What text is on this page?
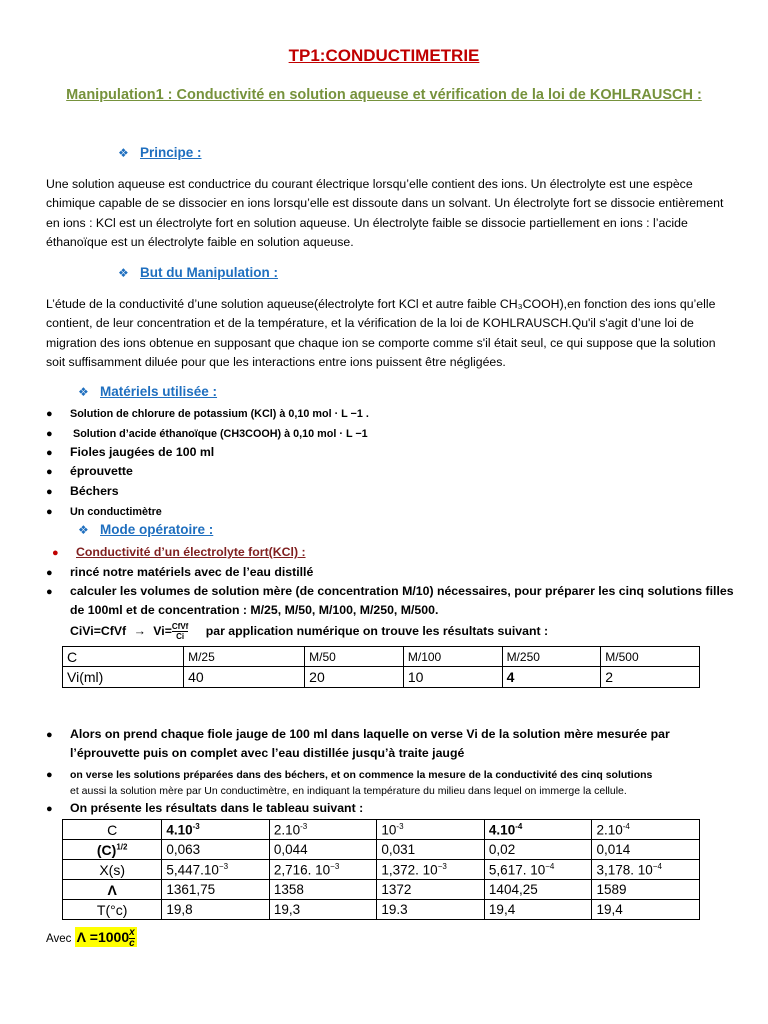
TP1:CONDUCTIMETRIE
Manipulation1 : Conductivité en solution aqueuse et vérification de la loi de KOHLRAUSCH :
❖ Principe :

Une solution aqueuse est conductrice du courant électrique lorsqu’elle contient des ions. Un électrolyte est une espèce chimique capable de se dissocier en ions lorsqu’elle est dissoute dans un solvant. Un électrolyte fort se dissocie entièrement en ions : KCl est un électrolyte fort en solution aqueuse. Un électrolyte faible se dissocie partiellement en ions : l’acide éthanoïque est un électrolyte faible en solution aqueuse.

❖ But du Manipulation :

L’étude de la conductivité d’une solution aqueuse(électrolyte fort KCl et autre faible CH₃COOH),en fonction des ions qu’elle contient, de leur concentration et de la température, et la vérification de la loi de KOHLRAUSCH.Qu'il s'agit d’une loi de migration des ions obtenue en supposant que chaque ion se comporte comme s'il était seul, ce qui suppose que la solution soit suffisamment diluée pour que les interactions entre ions puissent être négligées.

❖ Matériels utilisée :
● Solution de chlorure de potassium (KCl) à 0,10 mol · L −1 .
● Solution d’acide éthanoïque (CH3COOH) à 0,10 mol · L −1
● Fioles jaugées de 100 ml
● éprouvette
● Béchers
● Un conductimètre
❖ Mode opératoire :
● Conductivité d’un électrolyte fort(KCl) :
● rincé notre matériels avec de l’eau distillé
● calculer les volumes de solution mère (de concentration M/10) nécessaires, pour préparer les cinq solutions filles
de 100ml et de concentration : M/25, M/50, M/100, M/250, M/500.
CiVi=CfVf → Vi= CfVf
Ci	par application numérique on trouve les résultats suivant :
C	M/25	M/50	M/100	M/250	M/500
Vi(ml)	40	20	10	4	2
● Alors on prend chaque fiole jauge de 100 ml dans laquelle on verse Vi de la solution mère mesurée par
l’éprouvette puis on complet avec l’eau distillée jusqu’à traite jaugé
● on verse les solutions préparées dans des béchers, et on commence la mesure de la conductivité des cinq solutions
et aussi la solution mère par Un conductimètre, en indiquant la température du milieu dans lequel on immerge la cellule.
● On présente les résultats dans le tableau suivant :
C	$4.10^{-3}$	$2.10^{-3}$	$10^{-3}$	$4.10^{-4}$	$2.10^{-4}$
$(C)^{1/2}$	0,063	0,044	0,031	0,02	0,014
X(s)	$5,447.10^{-3}$	2,716. $10^{-3}$	1,372. $10^{-3}$	5,617. $10^{-4}$	3,178. $10^{-4}$
Λ	1361,75	1358	1372	1404,25	1589
T(°c)	19,8	19,3	19.3	19,4	19,4
Avec $\Lambda =1000 \frac{x}{c}$
